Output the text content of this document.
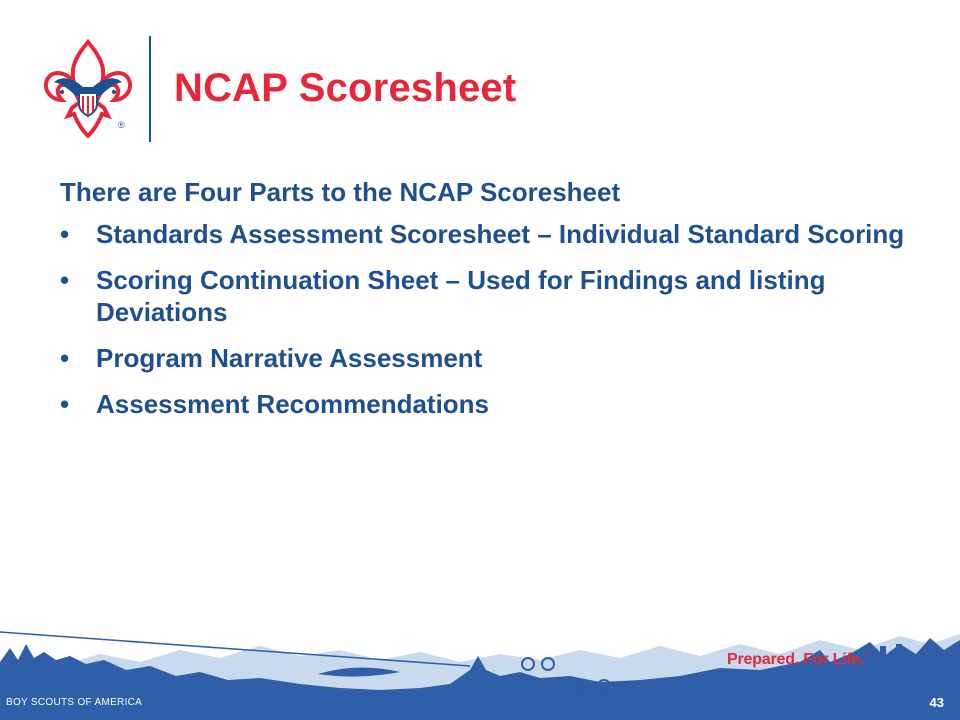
®
NCAP Scoresheet

There are Four Parts to the NCAP Scoresheet

• Standards Assessment Scoresheet – Individual Standard Scoring
• Scoring Continuation Sheet – Used for Findings and listing Deviations
• Program Narrative Assessment
• Assessment Recommendations
Prepared. For Life.™
BOY SCOUTS OF AMERICA	43
